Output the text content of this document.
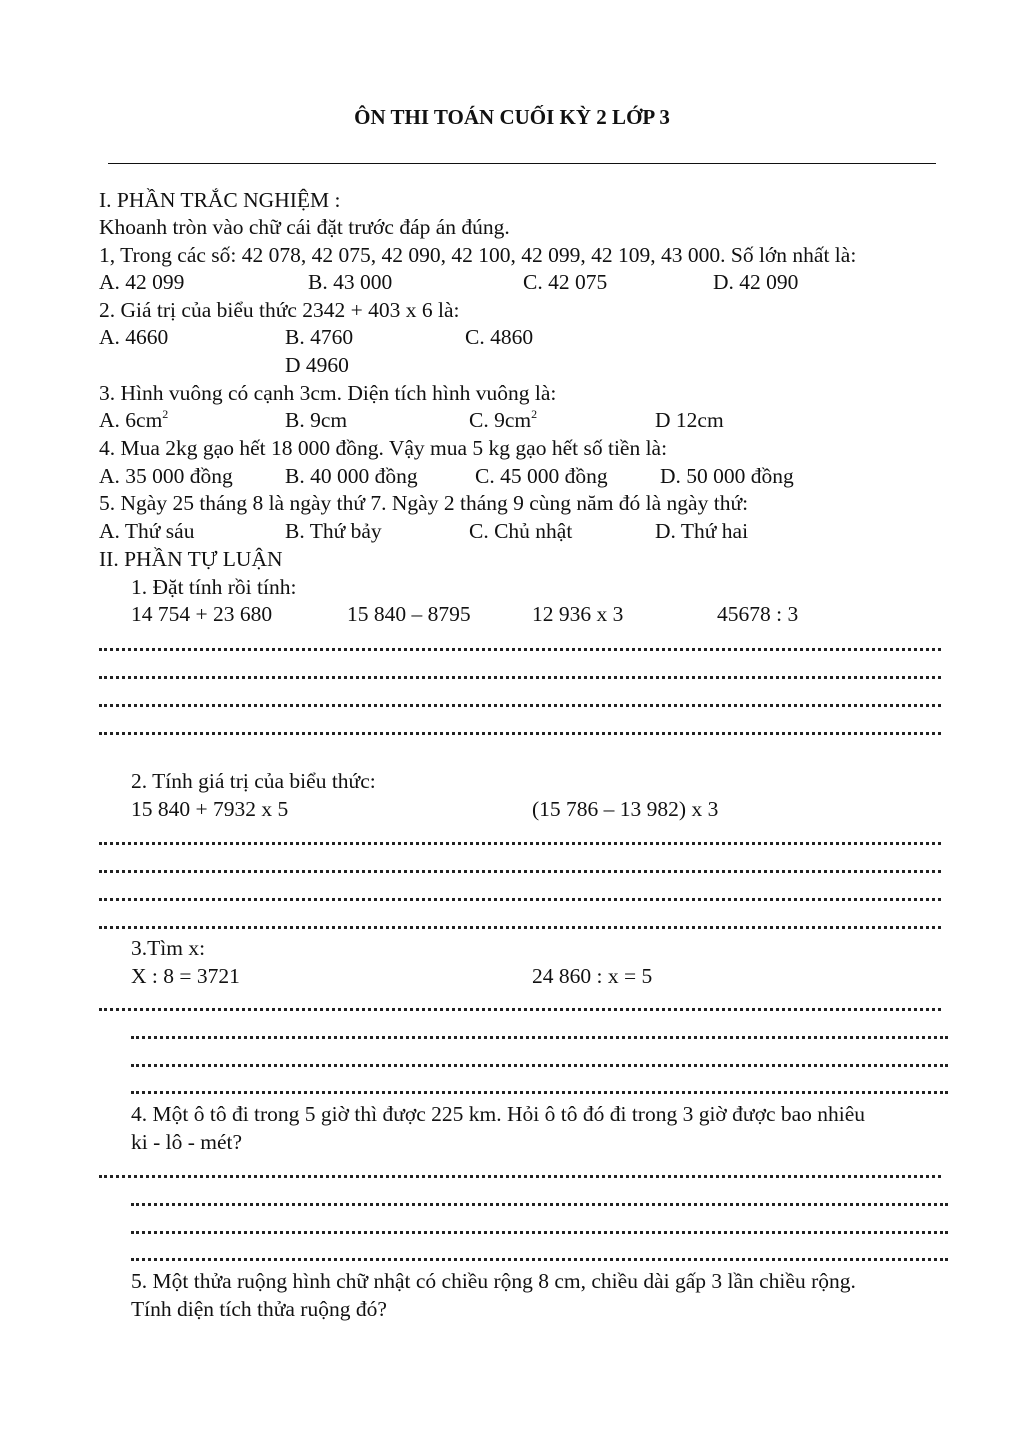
ÔN THI TOÁN CUỐI KỲ 2 LỚP 3
I. PHẦN TRẮC NGHIỆM :
Khoanh tròn vào chữ cái đặt trước đáp án đúng.
1, Trong các số: 42 078, 42 075, 42 090, 42 100, 42 099, 42 109, 43 000. Số lớn nhất là:
A. 42 099	B. 43 000	C. 42 075	D. 42 090
2. Giá trị của biểu thức 2342 + 403 x 6 là:
A. 4660	B. 4760	C. 4860
D 4960
3. Hình vuông có cạnh 3cm. Diện tích hình vuông là:
A. $6cm^2$	B. 9cm	C. $9cm^2$	D 12cm
4. Mua 2kg gạo hết 18 000 đồng. Vậy mua 5 kg gạo hết số tiền là:
A. 35 000 đồng B. 40 000 đồng	C. 45 000 đồng D. 50 000 đồng
5. Ngày 25 tháng 8 là ngày thứ 7. Ngày 2 tháng 9 cùng năm đó là ngày thứ:
A. Thứ sáu	B. Thứ bảy	C. Chủ nhật	D. Thứ hai
II. PHẦN TỰ LUẬN
1. Đặt tính rồi tính:
14 754 + 23 680	15 840 – 8795	12 936 x 3	45678 : 3
2. Tính giá trị của biểu thức:
15 840 + 7932 x 5	(15 786 – 13 982) x 3
3.Tìm x:
X : 8 = 3721	24 860 : x = 5
4. Một ô tô đi trong 5 giờ thì được 225 km. Hỏi ô tô đó đi trong 3 giờ được bao nhiêu
ki - lô - mét?
5. Một thửa ruộng hình chữ nhật có chiều rộng 8 cm, chiều dài gấp 3 lần chiều rộng.
Tính diện tích thửa ruộng đó?
